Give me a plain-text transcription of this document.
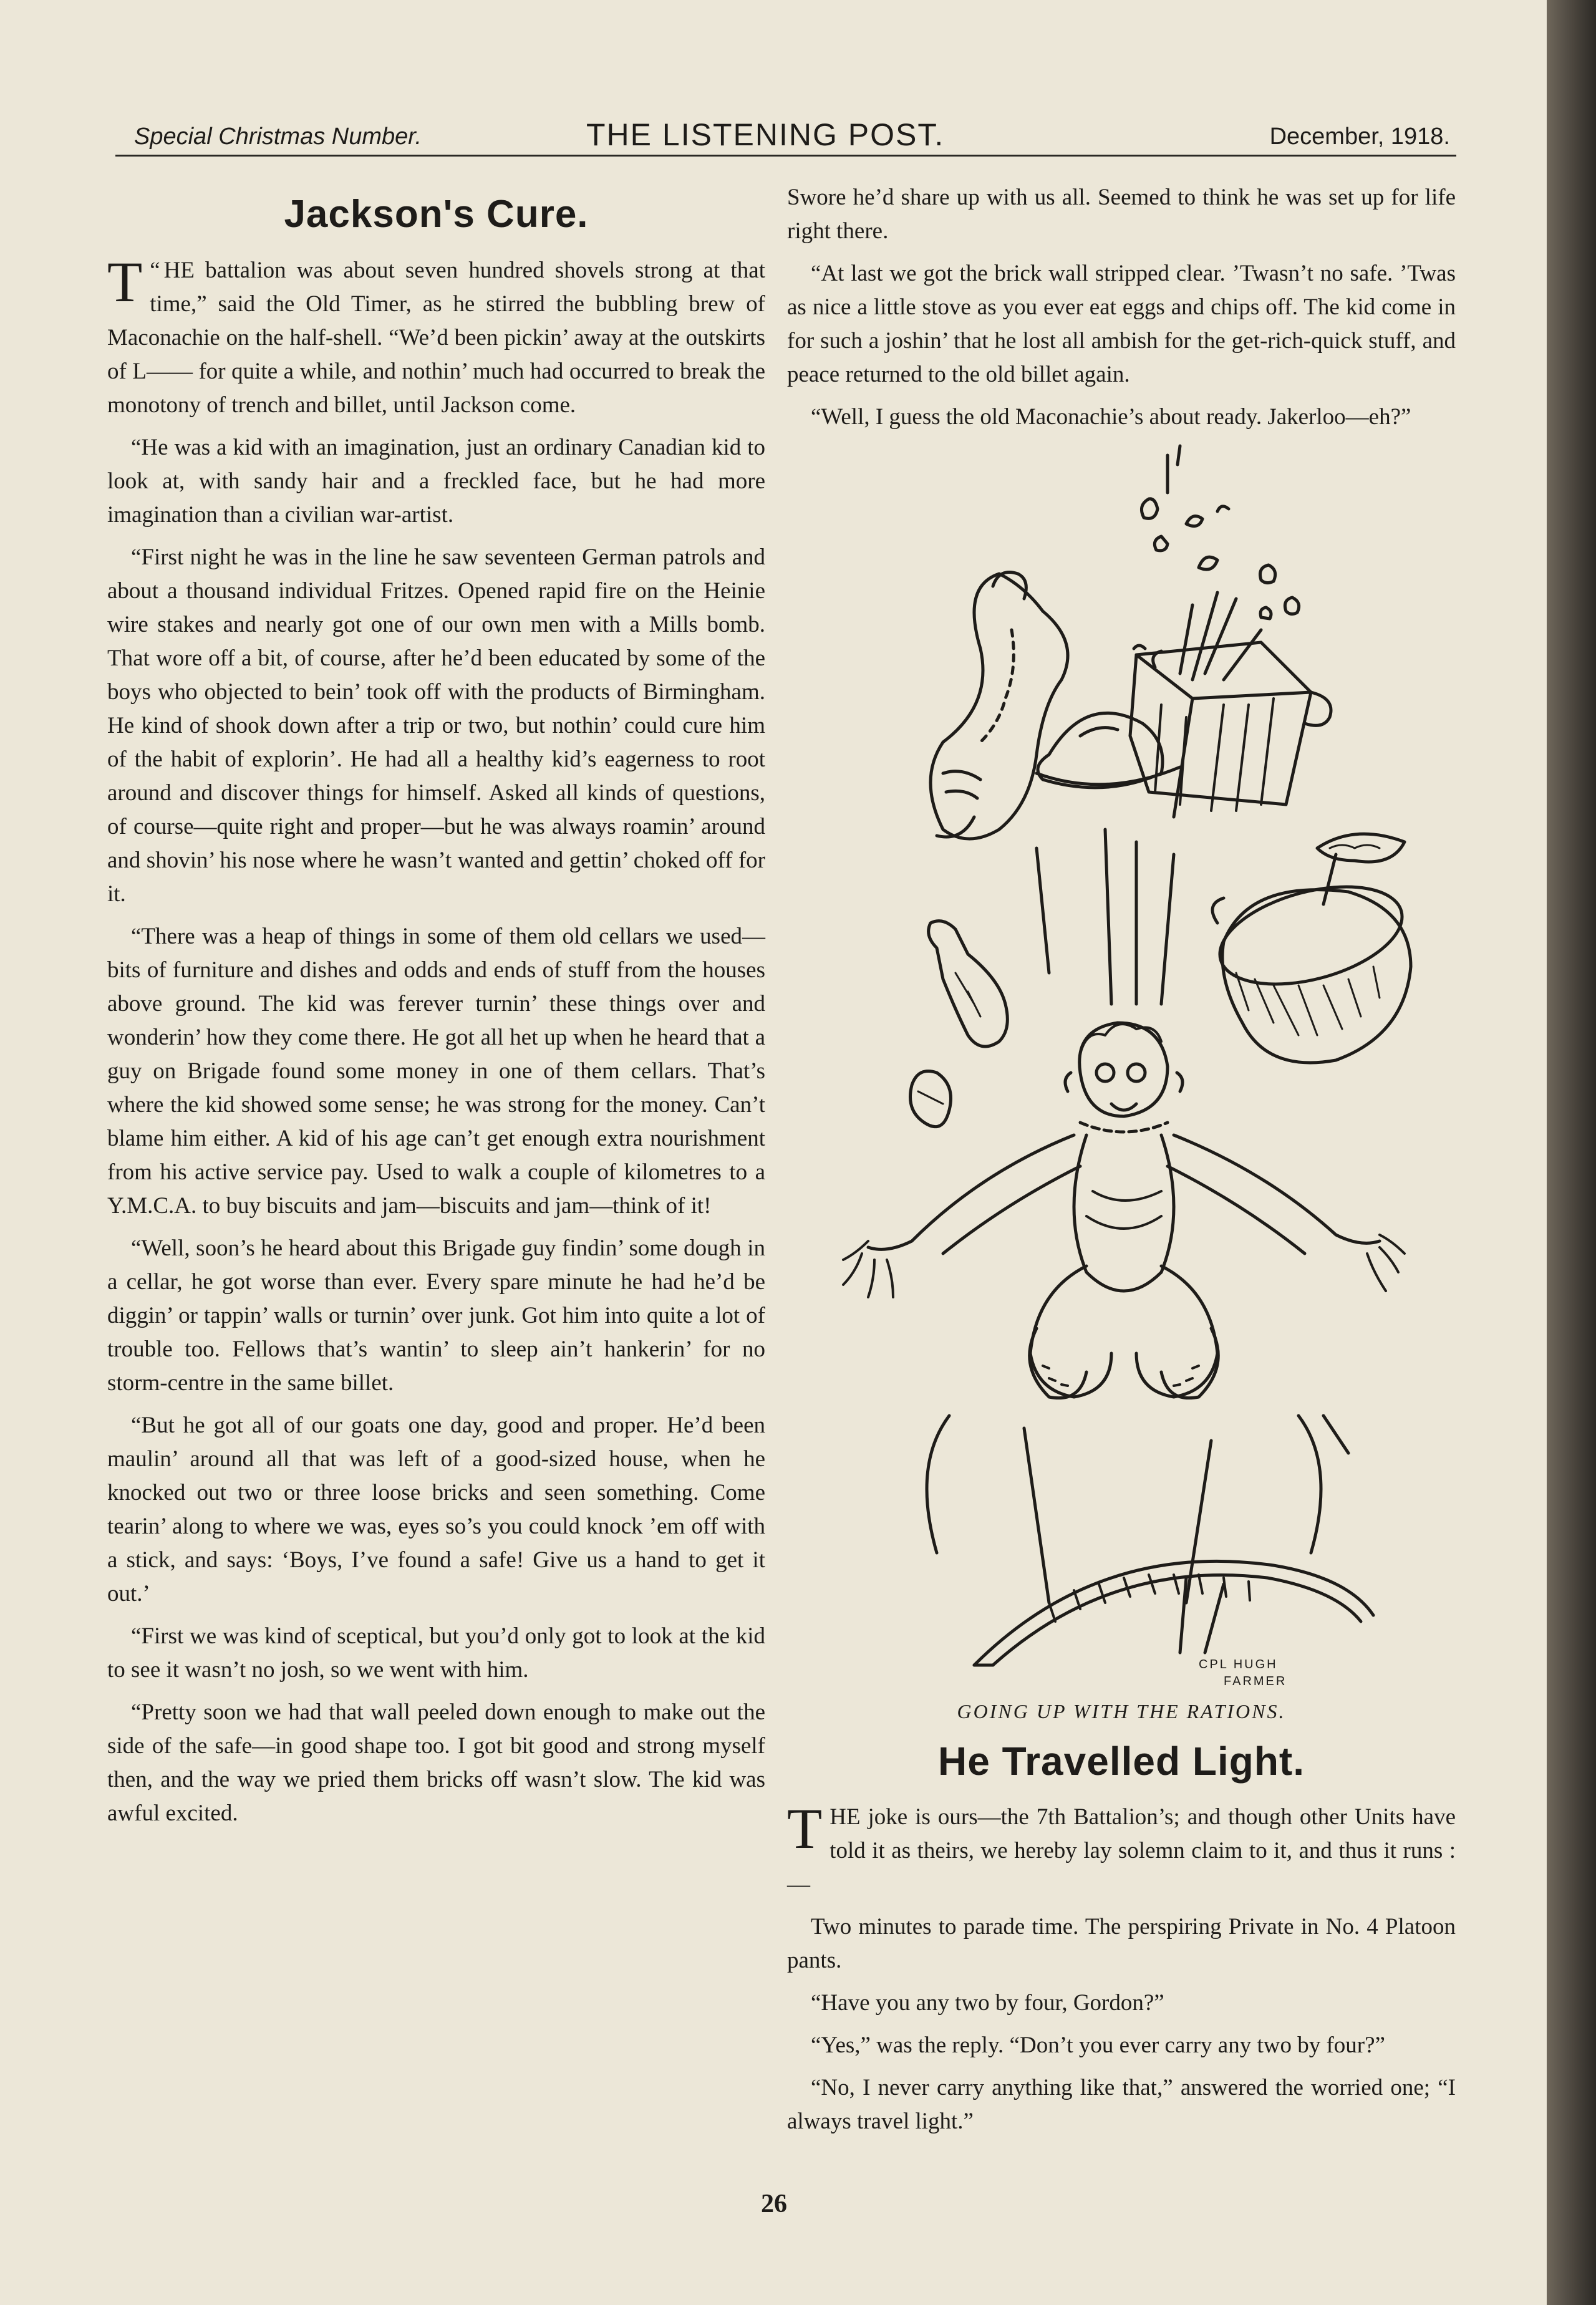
Special Christmas Number.	THE LISTENING POST.	December, 1918.
Jackson's Cure.

“
T HE battalion was about seven hundred shovels strong at that time,” said the Old Timer, as he stirred the bubbling brew of Maconachie on the half-shell. “We’d been pickin’ away at the outskirts of L—— for quite a while, and nothin’ much had occurred to break the monotony of trench and billet, until Jackson come.

“He was a kid with an imagination, just an ordinary Canadian kid to look at, with sandy hair and a freckled face, but he had more imagination than a civilian war-artist.

“First night he was in the line he saw seventeen German patrols and about a thousand individual Fritzes. Opened rapid fire on the Heinie wire stakes and nearly got one of our own men with a Mills bomb. That wore off a bit, of course, after he’d been educated by some of the boys who objected to bein’ took off with the products of Birmingham. He kind of shook down after a trip or two, but nothin’ could cure him of the habit of explorin’. He had all a healthy kid’s eagerness to root around and discover things for himself. Asked all kinds of questions, of course—quite right and proper—but he was always roamin’ around and shovin’ his nose where he wasn’t wanted and gettin’ choked off for it.

“There was a heap of things in some of them old cellars we used—bits of furniture and dishes and odds and ends of stuff from the houses above ground. The kid was ferever turnin’ these things over and wonderin’ how they come there. He got all het up when he heard that a guy on Brigade found some money in one of them cellars. That’s where the kid showed some sense; he was strong for the money. Can’t blame him either. A kid of his age can’t get enough extra nourishment from his active service pay. Used to walk a couple of kilometres to a Y.M.C.A. to buy biscuits and jam—biscuits and jam—think of it!

“Well, soon’s he heard about this Brigade guy findin’ some dough in a cellar, he got worse than ever. Every spare minute he had he’d be diggin’ or tappin’ walls or turnin’ over junk. Got him into quite a lot of trouble too. Fellows that’s wantin’ to sleep ain’t hankerin’ for no storm-centre in the same billet.

“But he got all of our goats one day, good and proper. He’d been maulin’ around all that was left of a good-sized house, when he knocked out two or three loose bricks and seen something. Come tearin’ along to where we was, eyes so’s you could knock ’em off with a stick, and says: ‘Boys, I’ve found a safe! Give us a hand to get it out.’

“First we was kind of sceptical, but you’d only got to look at the kid to see it wasn’t no josh, so we went with him.

“Pretty soon we had that wall peeled down enough to make out the side of the safe—in good shape too. I got bit good and strong myself then, and the way we pried them bricks off wasn’t slow. The kid was awful excited.

Swore he’d share up with us all. Seemed to think he was set up for life right there.

“At last we got the brick wall stripped clear. ’Twasn’t no safe. ’Twas as nice a little stove as you ever eat eggs and chips off. The kid come in for such a joshin’ that he lost all ambish for the get-rich-quick stuff, and peace returned to the old billet again.

“Well, I guess the old Maconachie’s about ready. Jakerloo—eh?”

CPL HUGH
FARMER
GOING UP WITH THE RATIONS.
He Travelled Light.

THE joke is ours—the 7th Battalion’s; and though other Units have told it as theirs, we hereby lay solemn claim to it, and thus it runs :—

Two minutes to parade time. The perspiring Private in No. 4 Platoon pants.

“Have you any two by four, Gordon?”

“Yes,” was the reply. “Don’t you ever carry any two by four?”

“No, I never carry anything like that,” answered the worried one; “I always travel light.”

26
